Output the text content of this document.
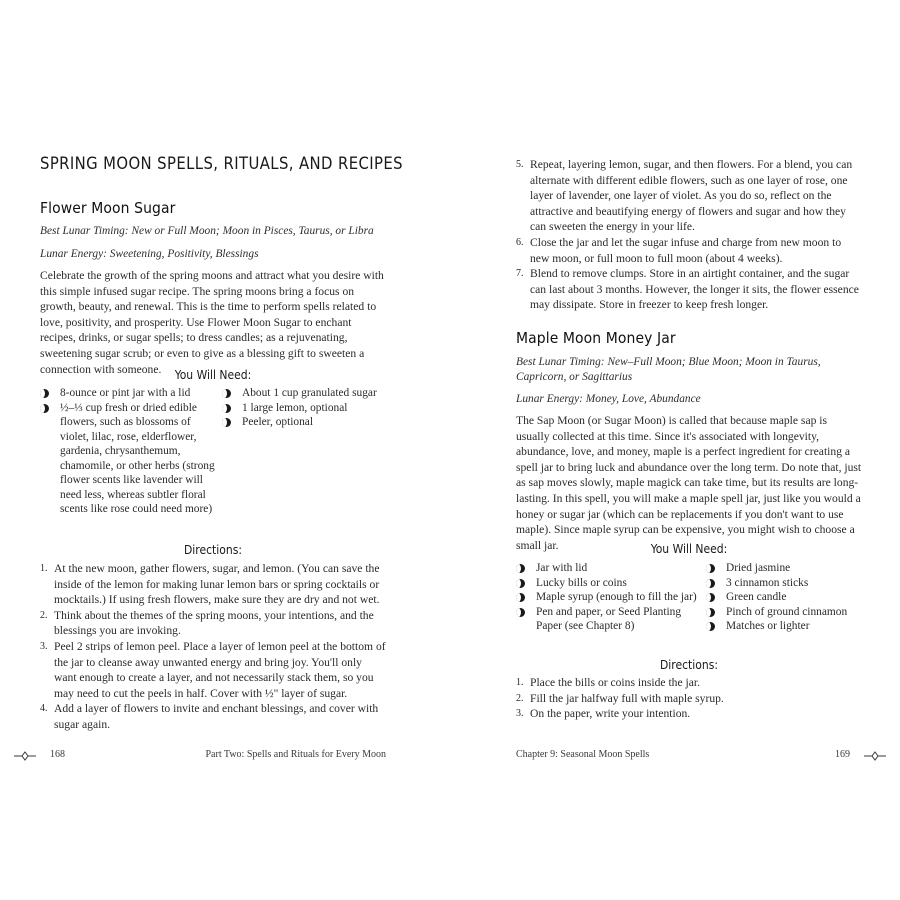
SPRING MOON SPELLS, RITUALS, AND RECIPES
Flower Moon Sugar
Best Lunar Timing: New or Full Moon; Moon in Pisces, Taurus, or Libra
Lunar Energy: Sweetening, Positivity, Blessings

Celebrate the growth of the spring moons and attract what you desire with this simple infused sugar recipe. The spring moons bring a focus on growth, beauty, and renewal. This is the time to perform spells related to love, positivity, and prosperity. Use Flower Moon Sugar to enchant recipes, drinks, or sugar spells; to dress candles; as a rejuvenating, sweetening sugar scrub; or even to give as a blessing gift to sweeten a connection with someone.	You Will Need:
8-ounce or pint jar with a lid
½–⅓ cup fresh or dried edible flowers, such as blossoms of violet, lilac, rose, elderflower, gardenia, chrysanthemum, chamomile, or other herbs (strong flower scents like lavender will need less, whereas subtler floral scents like rose could need more)
About 1 cup granulated sugar
1 large lemon, optional
Peeler, optional
Directions:
1. At the new moon, gather flowers, sugar, and lemon. (You can save the inside of the lemon for making lunar lemon bars or spring cocktails or mocktails.) If using fresh flowers, make sure they are dry and not wet.
2. Think about the themes of the spring moons, your intentions, and the blessings you are invoking.
3. Peel 2 strips of lemon peel. Place a layer of lemon peel at the bottom of the jar to cleanse away unwanted energy and bring joy. You'll only want enough to create a layer, and not necessarily stack them, so you may need to cut the peels in half. Cover with ½" layer of sugar.
4. Add a layer of flowers to invite and enchant blessings, and cover with sugar again.
168	Part Two: Spells and Rituals for Every Moon
5. Repeat, layering lemon, sugar, and then flowers. For a blend, you can alternate with different edible flowers, such as one layer of rose, one layer of lavender, one layer of violet. As you do so, reflect on the attractive and beautifying energy of flowers and sugar and how they can sweeten the energy in your life.
6. Close the jar and let the sugar infuse and charge from new moon to new moon, or full moon to full moon (about 4 weeks).
7. Blend to remove clumps. Store in an airtight container, and the sugar can last about 3 months. However, the longer it sits, the flower essence may dissipate. Store in freezer to keep fresh longer.
Maple Moon Money Jar
Best Lunar Timing: New–Full Moon; Blue Moon; Moon in Taurus, Capricorn, or Sagittarius
Lunar Energy: Money, Love, Abundance

The Sap Moon (or Sugar Moon) is called that because maple sap is usually collected at this time. Since it's associated with longevity, abundance, love, and money, maple is a perfect ingredient for creating a spell jar to bring luck and abundance over the long term. Do note that, just as sap moves slowly, maple magick can take time, but its results are long-lasting. In this spell, you will make a maple spell jar, just like you would a honey or sugar jar (which can be replacements if you don't want to use maple). Since maple syrup can be expensive, you might wish to choose a small jar.	You Will Need:
Jar with lid
Lucky bills or coins
Maple syrup (enough to fill the jar)
Pen and paper, or Seed Planting Paper (see Chapter 8)
Dried jasmine
3 cinnamon sticks
Green candle
Pinch of ground cinnamon
Matches or lighter
Directions:
1. Place the bills or coins inside the jar.
2. Fill the jar halfway full with maple syrup.
3. On the paper, write your intention.
Chapter 9: Seasonal Moon Spells	169
